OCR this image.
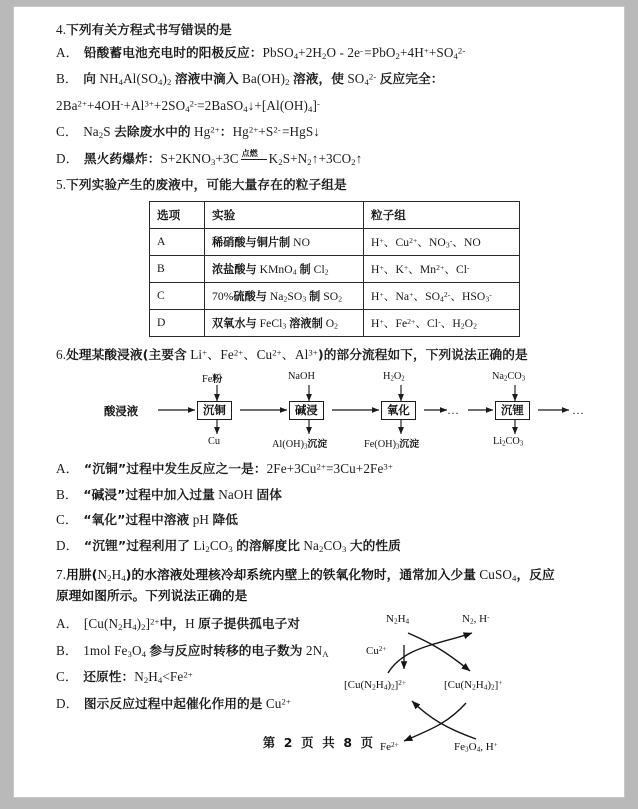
4.下列有关方程式书写错误的是
A． 铅酸蓄电池充电时的阳极反应：$PbSO_4+2H_2O - 2e^-$ $=PbO_2+4H^++SO_4^{2-}$
B． 向 $NH_4Al(SO_4)_2$ 溶液中滴入 $Ba(OH)_2$ 溶液，使 $SO_4^{2-}$ 反应完全：
$2Ba^{2+}+4OH^-+Al^{3+}+2SO_4^{2-}=2BaSO_4↓+[Al(OH)_4]^-$
C． $Na_2S$ 去除废水中的 $Hg^{2+}$：$Hg^{2+}+S^{2-}$ =HgS↓
D． 黑火药爆炸：$S+2KNO_3+3C$ 点燃 $K_2S+N_2↑+3CO_2↑$
5.下列实验产生的废液中，可能大量存在的粒子组是
选项	实验	粒子组
A	稀硝酸与铜片制 NO	H+、$Cu^{2+}$、$NO_3^-$、NO
B	浓盐酸与 KMnO$_4$ 制 $Cl_2$	H+、K+、$Mn^{2+}$、Cl-
C	70%硫酸与 $Na_2SO_3$ 制 $SO_2$	H+、Na+、$SO_4^{2-}$、$HSO_3^-$
D	双氧水与 FeCl$_3$ 溶液制 $O_2$	H+、$Fe^{2+}$、Cl-、$H_2O_2$
6.处理某酸浸液(主要含 Li+、$Fe^{2+}$、$Cu^{2+}$、$Al^{3+}$)的部分流程如下，下列说法正确的是
Fe粉	NaOH	$H_2O_2$	$Na_2CO_3$
酸浸液	沉铜	碱浸	氧化	沉锂
…	…
Cu	$Al(OH)_3$沉淀	$Fe(OH)_3$沉淀	$Li_2CO_3$
A． “沉铜”过程中发生反应之一是：$2Fe+3Cu^{2+}=3Cu+2Fe^{3+}$
B． “碱浸”过程中加入过量 NaOH 固体
C． “氧化”过程中溶液 pH 降低
D． “沉锂”过程利用了 $Li_2CO_3$ 的溶解度比 $Na_2CO_3$ 大的性质
7.用肼$(N_2H_4)$的水溶液处理核冷却系统内壁上的铁氧化物时，通常加入少量 CuSO$_4$，反应
原理如图所示。下列说法正确的是
A． $[Cu(N_2H_4)_2]^{2+}$中，H 原子提供孤电子对
B． 1mol $Fe_3O_4$ 参与反应时转移的电子数为 $2N_A$
C． 还原性：$N_2H_4<Fe^{2+}$
D． 图示反应过程中起催化作用的是 $Cu^{2+}$
$N_2H_4$	$N_2$, H-
$Cu^{2+}$
$[Cu(N_2H_4)_2]^{2+}$	$[Cu(N_2H_4)_2]^+$
$Fe^{2+}$	$Fe_3O_4$, H+
第 2 页 共 8 页
